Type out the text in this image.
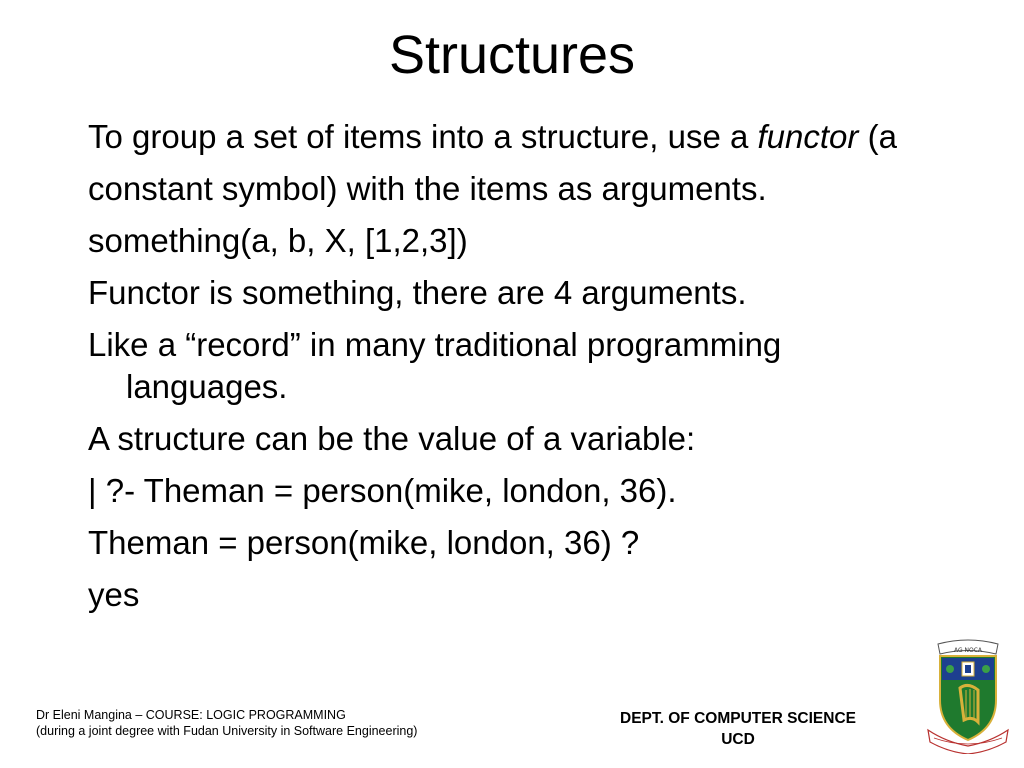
Structures

To group a set of items into a structure, use a functor (a

constant symbol) with the items as arguments.

something(a, b, X, [1,2,3])

Functor is something, there are 4 arguments.

Like a “record” in many traditional programming languages.

A structure can be the value of a variable:

| ?- Theman = person(mike, london, 36).

Theman = person(mike, london, 36) ?

yes

Dr Eleni Mangina – COURSE: LOGIC PROGRAMMING
(during a joint degree with Fudan University in Software Engineering)
DEPT. OF COMPUTER SCIENCE
UCD
AG NOCA
